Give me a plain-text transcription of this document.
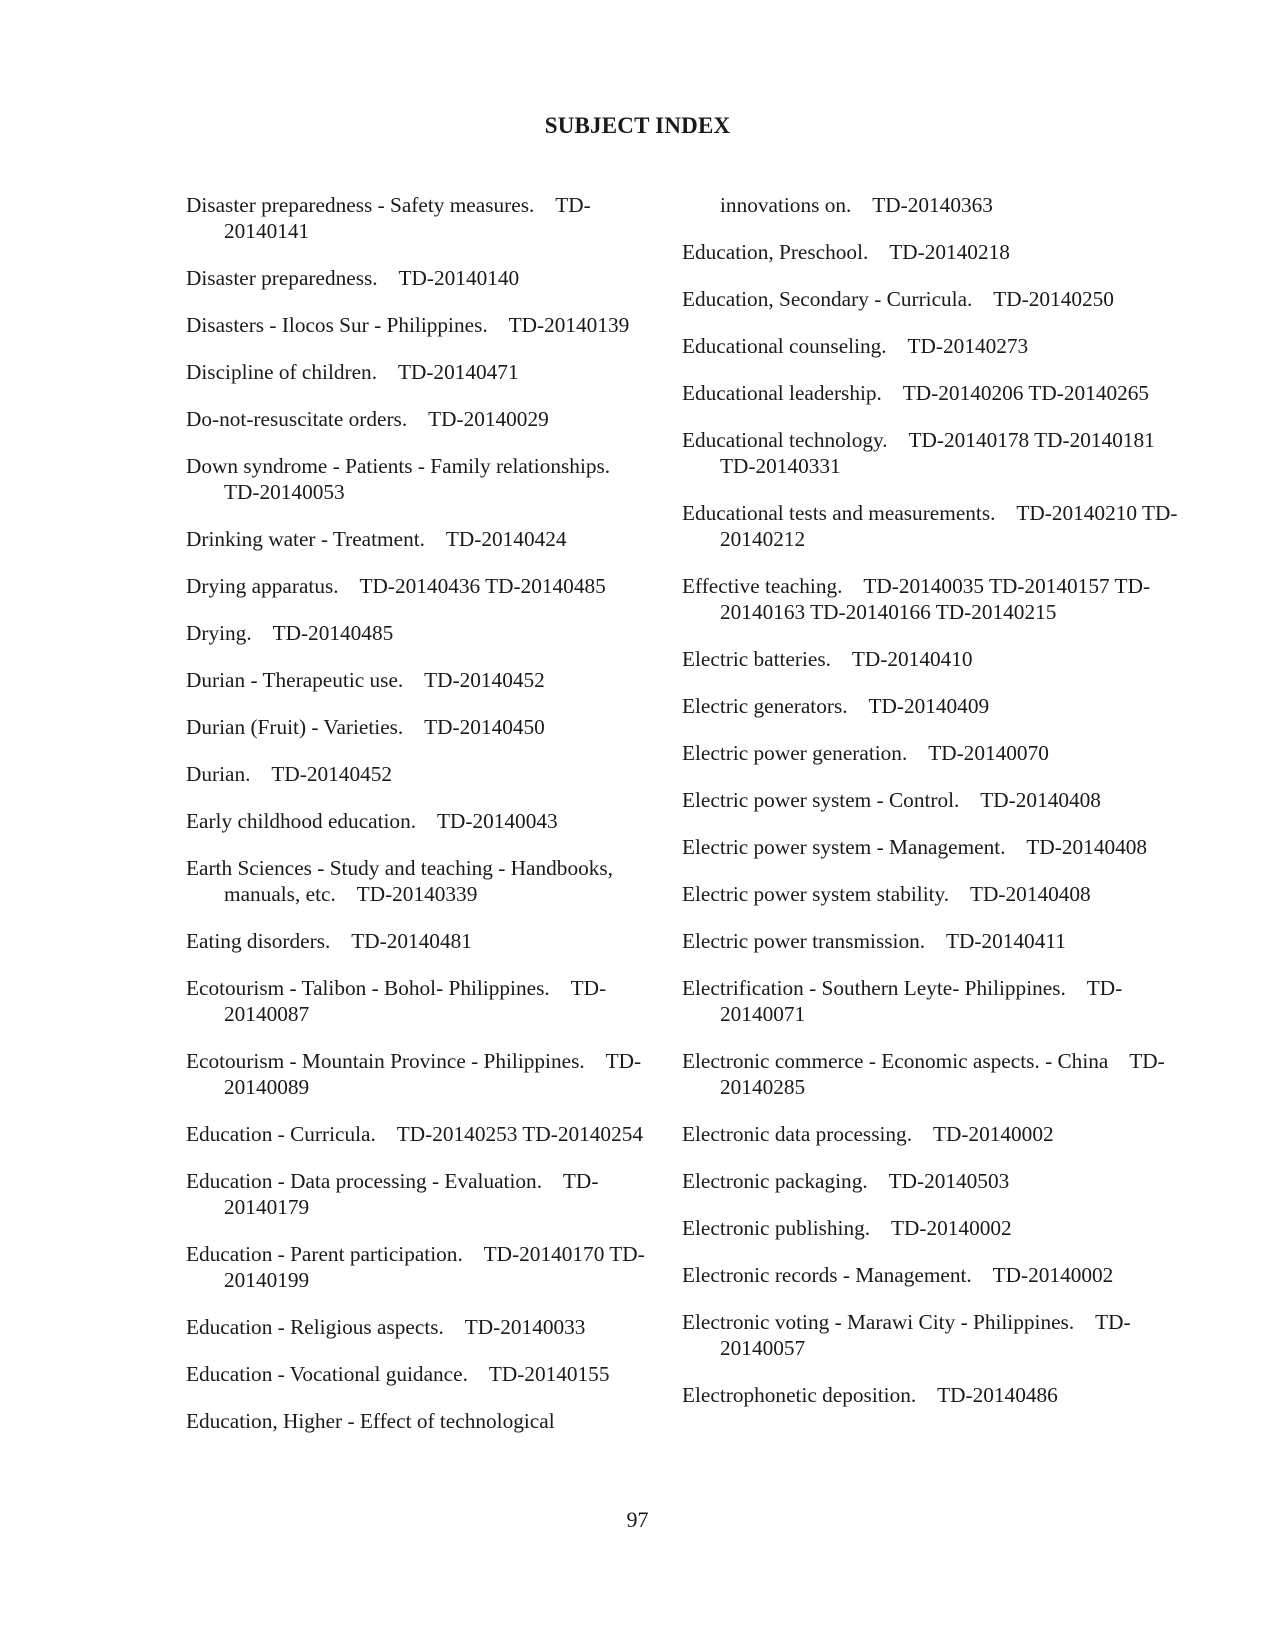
SUBJECT INDEX
Disaster preparedness - Safety measures.    TD-20140141
Disaster preparedness.    TD-20140140
Disasters - Ilocos Sur - Philippines.    TD-20140139
Discipline of children.    TD-20140471
Do-not-resuscitate orders.    TD-20140029
Down syndrome - Patients - Family relationships.    TD-20140053
Drinking water - Treatment.    TD-20140424
Drying apparatus.    TD-20140436 TD-20140485
Drying.    TD-20140485
Durian - Therapeutic use.    TD-20140452
Durian (Fruit) - Varieties.    TD-20140450
Durian.    TD-20140452
Early childhood education.    TD-20140043
Earth Sciences - Study and teaching - Handbooks, manuals, etc.    TD-20140339
Eating disorders.    TD-20140481
Ecotourism - Talibon - Bohol- Philippines.    TD-20140087
Ecotourism - Mountain Province - Philippines.    TD-20140089
Education - Curricula.    TD-20140253 TD-20140254
Education - Data processing - Evaluation.    TD-20140179
Education - Parent participation.    TD-20140170 TD-20140199
Education - Religious aspects.    TD-20140033
Education - Vocational guidance.    TD-20140155
Education, Higher - Effect of technological
innovations on.    TD-20140363
Education, Preschool.    TD-20140218
Education, Secondary - Curricula.    TD-20140250
Educational counseling.    TD-20140273
Educational leadership.    TD-20140206 TD-20140265
Educational technology.    TD-20140178 TD-20140181 TD-20140331
Educational tests and measurements.    TD-20140210 TD-20140212
Effective teaching.    TD-20140035 TD-20140157 TD-20140163 TD-20140166 TD-20140215
Electric batteries.    TD-20140410
Electric generators.    TD-20140409
Electric power generation.    TD-20140070
Electric power system - Control.    TD-20140408
Electric power system - Management.    TD-20140408
Electric power system stability.    TD-20140408
Electric power transmission.    TD-20140411
Electrification - Southern Leyte- Philippines.    TD-20140071
Electronic commerce - Economic aspects. - China    TD-20140285
Electronic data processing.    TD-20140002
Electronic packaging.    TD-20140503
Electronic publishing.    TD-20140002
Electronic records - Management.    TD-20140002
Electronic voting - Marawi City - Philippines.    TD-20140057
Electrophonetic deposition.    TD-20140486
97
